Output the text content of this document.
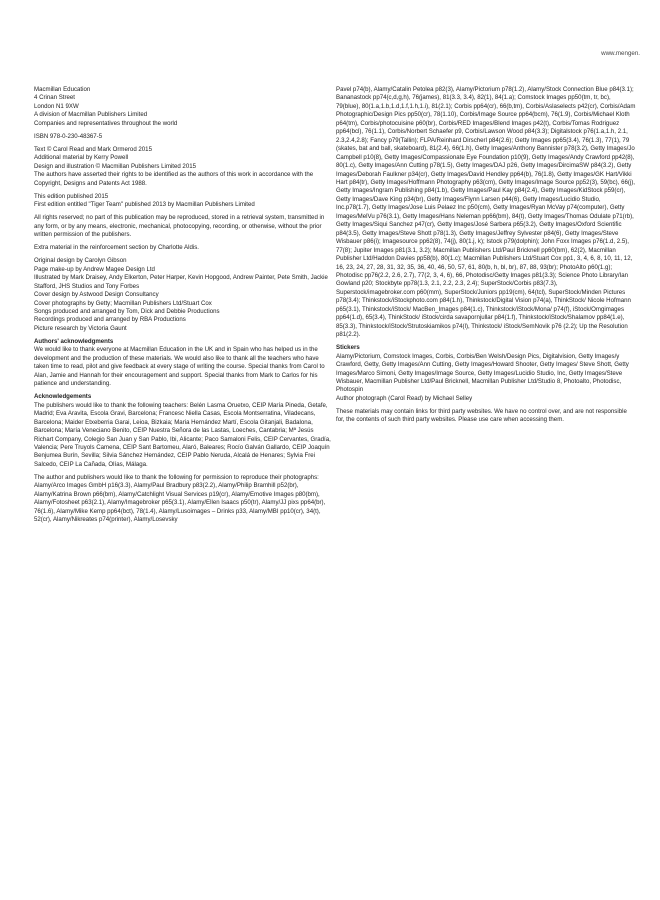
www.mengen.

Macmillan Education
4 Crinan Street
London N1 9XW
A division of Macmillan Publishers Limited
Companies and representatives throughout the world

ISBN 978-0-230-48367-5

Text © Carol Read and Mark Ormerod 2015
Additional material by Kerry Powell
Design and illustration © Macmillan Publishers Limited 2015
The authors have asserted their rights to be identified as the authors of this work in accordance with the Copyright, Designs and Patents Act 1988.

This edition published 2015
First edition entitled "Tiger Team" published 2013 by Macmillan Publishers Limited

All rights reserved; no part of this publication may be reproduced, stored in a retrieval system, transmitted in any form, or by any means, electronic, mechanical, photocopying, recording, or otherwise, without the prior written permission of the publishers.

Extra material in the reinforcement section by Charlotte Aldis.

Original design by Carolyn Gibson
Page make-up by Andrew Magee Design Ltd
Illustrated by Mark Draisey, Andy Elkerton, Peter Harper, Kevin Hopgood, Andrew Painter, Pete Smith, Jackie Stafford, JHS Studios and Tony Forbes
Cover design by Astwood Design Consultancy
Cover photographs by Getty; Macmillan Publishers Ltd/Stuart Cox
Songs produced and arranged by Tom, Dick and Debbie Productions
Recordings produced and arranged by RBA Productions
Picture research by Victoria Gaunt

Authors' acknowledgments
We would like to thank everyone at Macmillan Education in the UK and in Spain who has helped us in the development and the production of these materials. We would also like to thank all the teachers who have taken time to read, pilot and give feedback at every stage of writing the course. Special thanks from Carol to Alan, Jamie and Hannah for their encouragement and support. Special thanks from Mark to Carlos for his patience and understanding.

Acknowledgements
The publishers would like to thank the following teachers: Belén Lasma Oruetxo, CEIP María Pineda, Getafe, Madrid; Eva Aravita, Escola Gravi, Barcelona; Francesc Niella Casas, Escola Montserratina, Viladecans, Barcelona; Maider Etxeberria Garai, Leioa, Bizkaia; Maria Hernández Martí, Escola Gitanjali, Badalona, Barcelona; María Veneciano Benito, CEIP Nuestra Señora de las Lastas, Loeches, Cantabria; Mª Jesús Richart Company, Colegio San Juan y San Pablo, Ibi, Alicante; Paco Samaloni Felis, CEIP Cervantes, Gradía, Valencia; Pere Truyols Camena, CEIP Sant Bartomeu, Alaró, Baleares; Rocío Galván Gallardo, CEIP Joaquín Benjumea Burín, Sevilla; Silvia Sánchez Hernández, CEIP Pablo Neruda, Alcalá de Henares; Sylvia Frei Salcedo, CEIP La Cañada, Olías, Málaga.

The author and publishers would like to thank the following for permission to reproduce their photographs:
Alamy/Arco Images GmbH p16(3.3), Alamy/Paul Bradbury p83(2.2), Alamy/Philip Bramhill p52(br), Alamy/Katrina Brown p66(bm), Alamy/Catchlight Visual Services p19(cr), Alamy/Emotive Images p80(bm), Alamy/Fotosheet p63(2.1), Alamy/Imagebroker p65(3.1), Alamy/Ellen Isaacs p50(tr), Alamy/JJ pixs pp64(br), 76(1.6), Alamy/Mike Kemp pp64(bct), 78(1.4), Alamy/Lusoimages – Drinks p33, Alamy/MBI pp10(cr), 34(t), 52(cr), Alamy/Nikreates p74(printer), Alamy/Losevsky

Pavel p74(b), Alamy/Catalin Petolea p82(3), Alamy/Pictorium p78(1.2), Alamy/Stock Connection Blue p84(3.1); Bananastock pp74(c,d,g,h), 76(james), 81(3.3, 3.4), 82(1), 84(1.a); Comstock Images pp50(tm, tr, bc), 79(blue), 80(1.a,1.b,1.d,1.f,1.h,1.i), 81(2.1); Corbis pp64(cr), 66(b,tm), Corbis/Aslaselects p42(cr), Corbis/Adam Photographic/Design Pics pp50(cr), 78(1.10), Corbis/Image Source pp64(bcm), 76(1.9), Corbis/Michael Kloth p64(tm), Corbis/photocuisine p60(br), Corbis/RED Images/Blend Images p42(t), Corbis/Tomas Rodriguez pp64(bcl), 76(1.1), Corbis/Norbert Schaefer p9, Corbis/Lawson Wood p84(3.3); Digitalstock p76(1.a,1.h, 2.1, 2.3,2.4,2.8); Fancy p79(Tallin); FLPA/Reinhard Dirscherl p84(2.6); Getty Images pp65(3.4), 76(1.3), 77(1), 79 (skates, bat and ball, skateboard), 81(2.4), 66(1.h), Getty Images/Anthony Bannister p78(3.2), Getty Images/Jo Campbell p10(8), Getty Images/Compassionate Eye Foundation p10(9), Getty Images/Andy Crawford pp42(8), 80(1.c), Getty Images/Ann Cutting p78(1.5), Getty Images/DAJ p26, Getty Images/DircimaSW p84(3.2), Getty Images/Deborah Faulkner p34(cr), Getty Images/David Hendley pp64(b), 76(1.8), Getty Images/GK Hart/Vikki Hart p84(tr), Getty Images/Hoffmann Photography p63(cm), Getty Images/Image Source pp52(3), 59(bc), 66(j), Getty Images/Ingram Publishing p84(1.b), Getty Images/Paul Kay p84(2.4), Getty Images/KidStock p59(cr), Getty Images/Dave King p34(br), Getty Images/Flynn Larsen p44(6), Getty Images/Lucidio Studio, Inc.p78(1.7), Getty Images/Jose Luis Pelaez Inc p50(cm), Getty Images/Ryan McVay p74(computer), Getty Images/MelVu p76(3.1), Getty Images/Hans Neleman pp66(bm), 84(t), Getty Images/Thomas Odulate p71(rb), Getty Images/Siqui Sanchez p47(cr), Getty Images/José Sarbera p65(3.2), Getty Images/Oxford Scientific p84(3.5), Getty Images/Steve Shott p78(1.3), Getty Images/Jeffrey Sylvester p84(6), Getty Images/Steve Wisbauer p86(i); Imagesource pp62(8), 74(j), 80(1.j, k); Istock p79(dolphin); John Foxx Images p76(1.d, 2.5), 77(8); Jupiter Images p81(3.1, 3.2); Macmillan Publishers Ltd/Paul Bricknell pp60(bm), 62(2), Macmillan Publisher Ltd/Haddon Davies pp58(b), 80(1.c); Macmillan Publishers Ltd/Stuart Cox pp1, 3, 4, 6, 8, 10, 11, 12, 16, 23, 24, 27, 28, 31, 32, 35, 36, 40, 46, 50, 57, 61, 80(b, h, bl, br), 87, 88, 93(br); PhotoAlto p60(1.g); Photodisc pp76(2.2, 2.6, 2.7), 77(2, 3, 4, 6), 66, Photodisc/Getty Images p81(3.3); Science Photo Library/Ian Gowland p20; Stockbyte pp78(1.3, 2.1, 2.2, 2.3, 2.4); SuperStock/Corbis p83(7.3), Superstock/imagebroker.com p60(mm), SuperStock/Juniors pp19(cm), 64(tcl), SuperStock/Minden Pictures p78(3.4); Thinkstock/iStockphoto.com p84(1.h), Thinkstock/Digital Vision p74(a), ThinkStock/ Nicole Hofmann p65(3.1), Thinkstock/iStock/ MacBen_Images p84(1.c), Thinkstock/iStock/Mona/ p74(f), iStock/Omgimages pp64(1.d), 65(3.4), ThinkStock/ iStock/cirda savapornjullar p84(1.f), Thinkstock/iStock/Shalamov pp84(1.e), 85(3.3), Thinkstock/iStock/Strutoskiamikos p74(l), Thinkstock/ iStock/SemNovik p76 (2.2); Up the Resolution p81(2.2).

Stickers
Alamy/Pictorium, Comstock Images, Corbis, Corbis/Ben Welsh/Design Pics, Digitalvision, Getty Images/y Crawford, Getty, Getty Images/Ann Cutting, Getty Images/Howard Shooter, Getty Images/ Steve Shott, Getty Images/Marco Simoni, Getty Images/Image Source, Getty Images/Lucidio Studio, Inc, Getty Images/Steve Wisbauer, Macmillan Publisher Ltd/Paul Bricknell, Macmillan Publisher Ltd/Studio 8, Photoalto, Photodisc, Photospin
Author photograph (Carol Read) by Michael Selley

These materials may contain links for third party websites. We have no control over, and are not responsible for, the contents of such third party websites. Please use care when accessing them.
